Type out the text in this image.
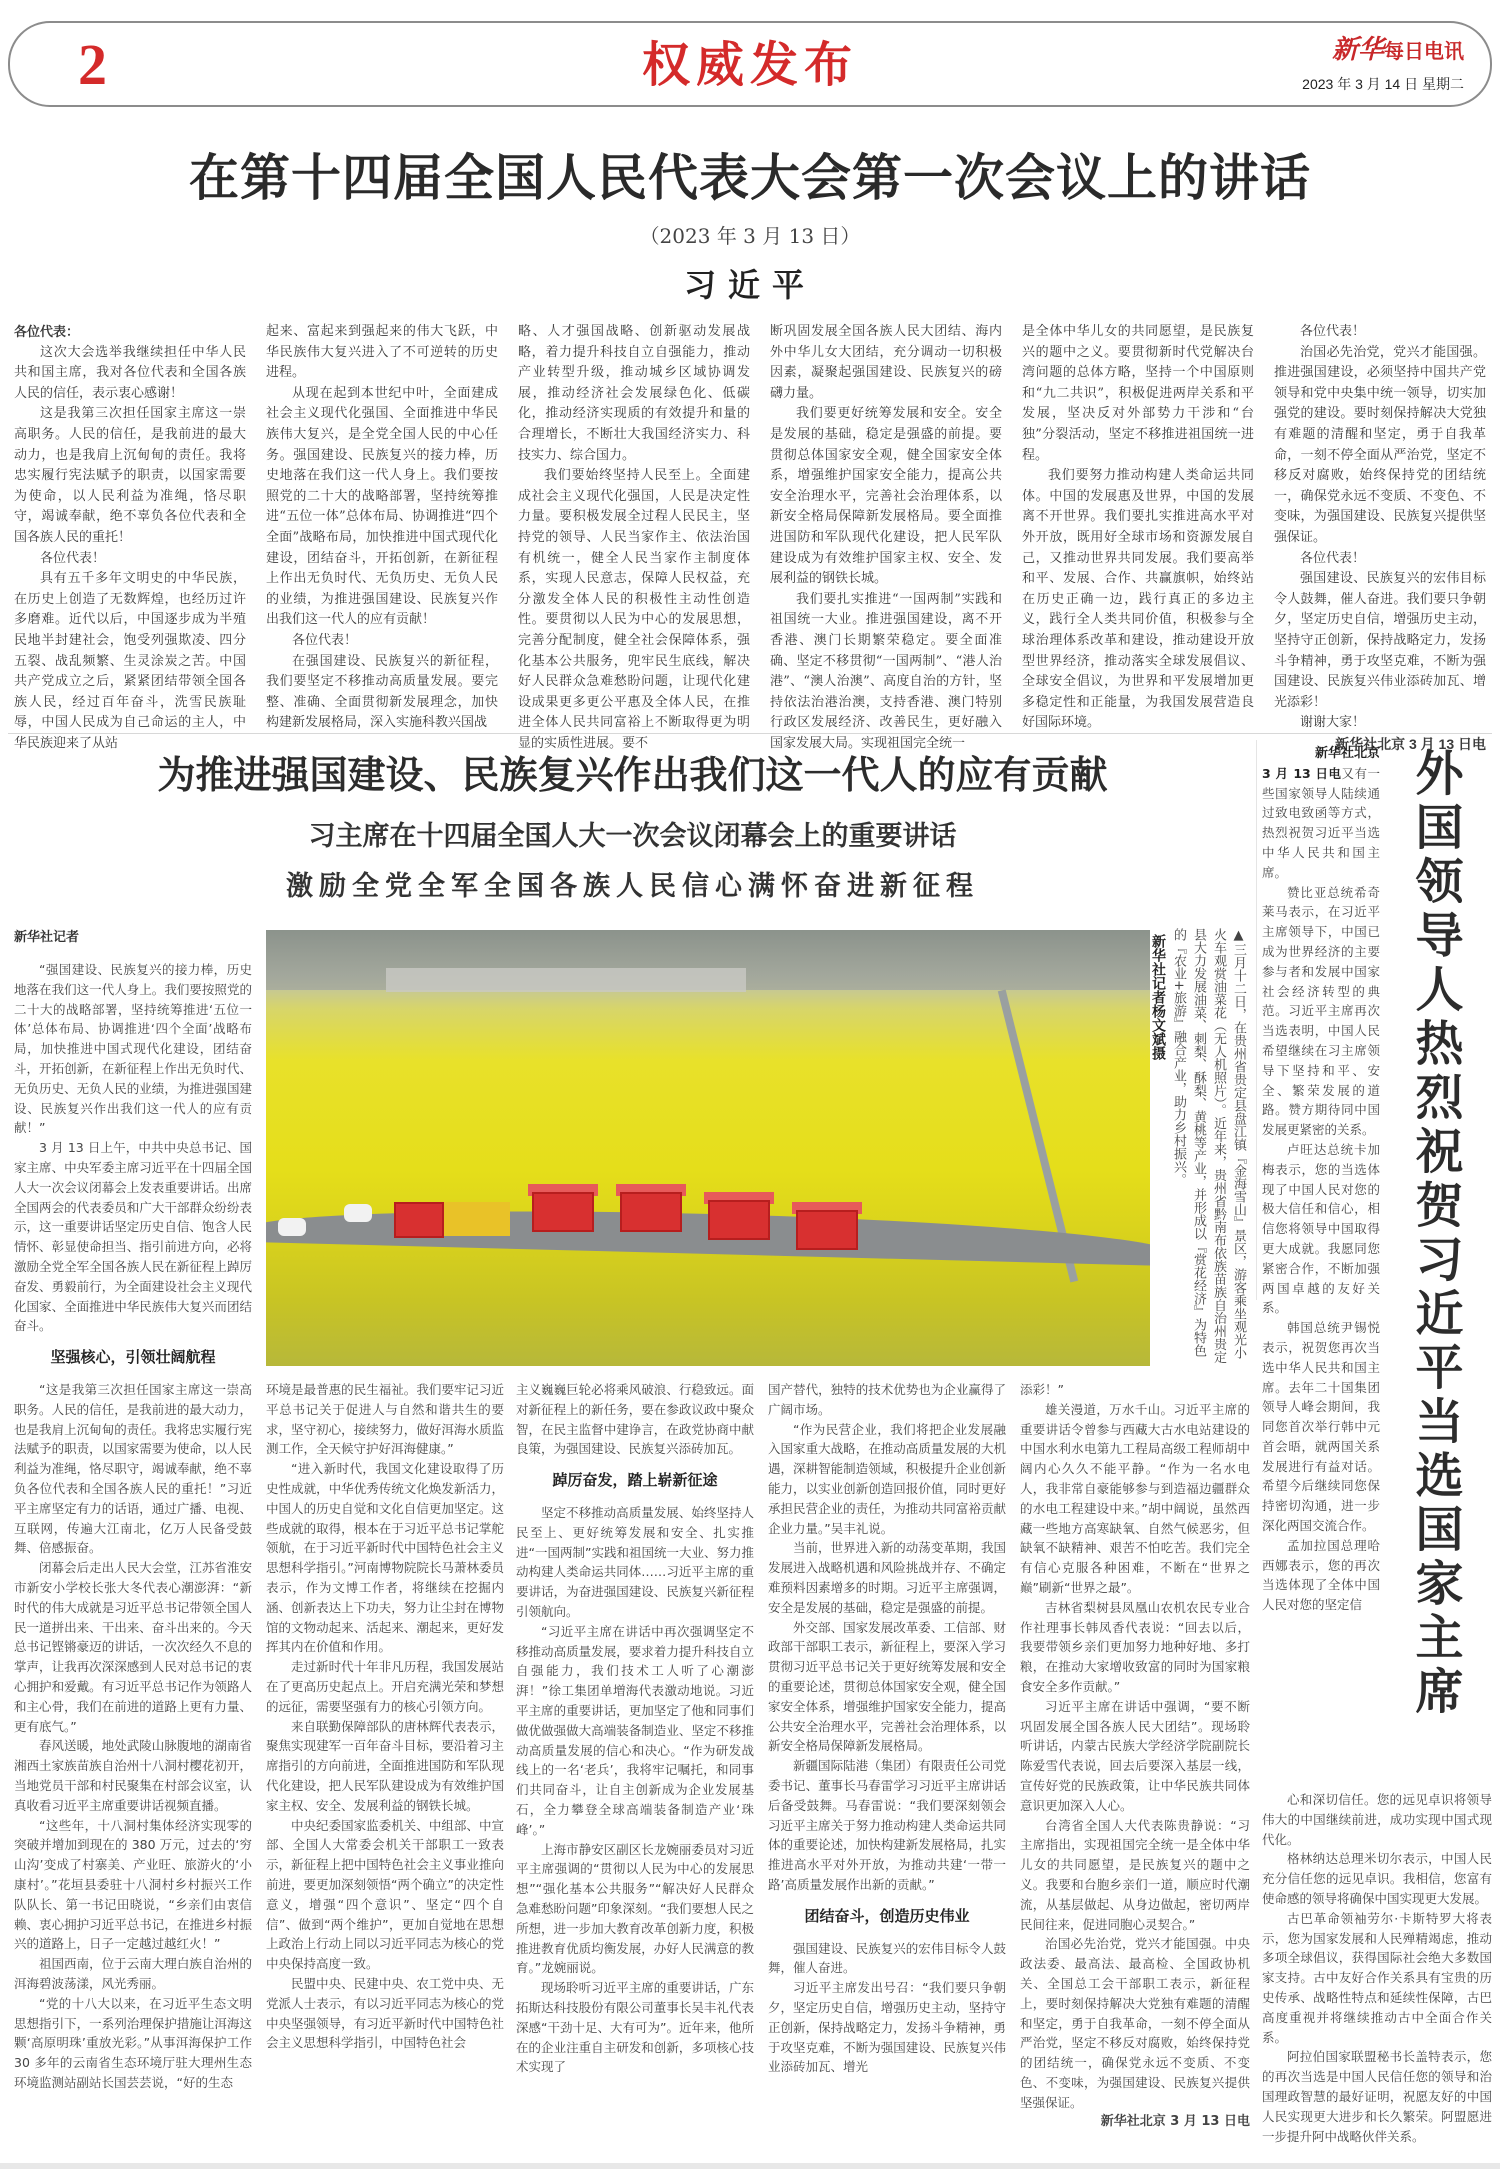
2	权威发布	新华每日电讯
2023 年 3 月 14 日 星期二
在第十四届全国人民代表大会第一次会议上的讲话
（2023 年 3 月 13 日）
习近平

各位代表：

这次大会选举我继续担任中华人民共和国主席，我对各位代表和全国各族人民的信任，表示衷心感谢！

这是我第三次担任国家主席这一崇高职务。人民的信任，是我前进的最大动力，也是我肩上沉甸甸的责任。我将忠实履行宪法赋予的职责，以国家需要为使命，以人民利益为准绳，恪尽职守，竭诚奉献，绝不辜负各位代表和全国各族人民的重托！

各位代表！

具有五千多年文明史的中华民族，在历史上创造了无数辉煌，也经历过许多磨难。近代以后，中国逐步成为半殖民地半封建社会，饱受列强欺凌、四分五裂、战乱频繁、生灵涂炭之苦。中国共产党成立之后，紧紧团结带领全国各族人民，经过百年奋斗，洗雪民族耻辱，中国人民成为自己命运的主人，中华民族迎来了从站

起来、富起来到强起来的伟大飞跃，中华民族伟大复兴进入了不可逆转的历史进程。

从现在起到本世纪中叶，全面建成社会主义现代化强国、全面推进中华民族伟大复兴，是全党全国人民的中心任务。强国建设、民族复兴的接力棒，历史地落在我们这一代人身上。我们要按照党的二十大的战略部署，坚持统筹推进“五位一体”总体布局、协调推进“四个全面”战略布局，加快推进中国式现代化建设，团结奋斗，开拓创新，在新征程上作出无负时代、无负历史、无负人民的业绩，为推进强国建设、民族复兴作出我们这一代人的应有贡献！

各位代表！

在强国建设、民族复兴的新征程，我们要坚定不移推动高质量发展。要完整、准确、全面贯彻新发展理念，加快构建新发展格局，深入实施科教兴国战

略、人才强国战略、创新驱动发展战略，着力提升科技自立自强能力，推动产业转型升级，推动城乡区域协调发展，推动经济社会发展绿色化、低碳化，推动经济实现质的有效提升和量的合理增长，不断壮大我国经济实力、科技实力、综合国力。

我们要始终坚持人民至上。全面建成社会主义现代化强国，人民是决定性力量。要积极发展全过程人民民主，坚持党的领导、人民当家作主、依法治国有机统一，健全人民当家作主制度体系，实现人民意志，保障人民权益，充分激发全体人民的积极性主动性创造性。要贯彻以人民为中心的发展思想，完善分配制度，健全社会保障体系，强化基本公共服务，兜牢民生底线，解决好人民群众急难愁盼问题，让现代化建设成果更多更公平惠及全体人民，在推进全体人民共同富裕上不断取得更为明显的实质性进展。要不

断巩固发展全国各族人民大团结、海内外中华儿女大团结，充分调动一切积极因素，凝聚起强国建设、民族复兴的磅礴力量。

我们要更好统筹发展和安全。安全是发展的基础，稳定是强盛的前提。要贯彻总体国家安全观，健全国家安全体系，增强维护国家安全能力，提高公共安全治理水平，完善社会治理体系，以新安全格局保障新发展格局。要全面推进国防和军队现代化建设，把人民军队建设成为有效维护国家主权、安全、发展利益的钢铁长城。

我们要扎实推进“一国两制”实践和祖国统一大业。推进强国建设，离不开香港、澳门长期繁荣稳定。要全面准确、坚定不移贯彻“一国两制”、“港人治港”、“澳人治澳”、高度自治的方针，坚持依法治港治澳，支持香港、澳门特别行政区发展经济、改善民生，更好融入国家发展大局。实现祖国完全统一

是全体中华儿女的共同愿望，是民族复兴的题中之义。要贯彻新时代党解决台湾问题的总体方略，坚持一个中国原则和“九二共识”，积极促进两岸关系和平发展，坚决反对外部势力干涉和“台独”分裂活动，坚定不移推进祖国统一进程。

我们要努力推动构建人类命运共同体。中国的发展惠及世界，中国的发展离不开世界。我们要扎实推进高水平对外开放，既用好全球市场和资源发展自己，又推动世界共同发展。我们要高举和平、发展、合作、共赢旗帜，始终站在历史正确一边，践行真正的多边主义，践行全人类共同价值，积极参与全球治理体系改革和建设，推动建设开放型世界经济，推动落实全球发展倡议、全球安全倡议，为世界和平发展增加更多稳定性和正能量，为我国发展营造良好国际环境。

各位代表！

治国必先治党，党兴才能国强。推进强国建设，必须坚持中国共产党领导和党中央集中统一领导，切实加强党的建设。要时刻保持解决大党独有难题的清醒和坚定，勇于自我革命，一刻不停全面从严治党，坚定不移反对腐败，始终保持党的团结统一，确保党永远不变质、不变色、不变味，为强国建设、民族复兴提供坚强保证。

各位代表！

强国建设、民族复兴的宏伟目标令人鼓舞，催人奋进。我们要只争朝夕，坚定历史自信，增强历史主动，坚持守正创新，保持战略定力，发扬斗争精神，勇于攻坚克难，不断为强国建设、民族复兴伟业添砖加瓦、增光添彩！

谢谢大家！

新华社北京 3 月 13 日电

为推进强国建设、民族复兴作出我们这一代人的应有贡献
习主席在十四届全国人大一次会议闭幕会上的重要讲话
激励全党全军全国各族人民信心满怀奋进新征程
新华社记者

“强国建设、民族复兴的接力棒，历史地落在我们这一代人身上。我们要按照党的二十大的战略部署，坚持统筹推进‘五位一体’总体布局、协调推进‘四个全面’战略布局，加快推进中国式现代化建设，团结奋斗，开拓创新，在新征程上作出无负时代、无负历史、无负人民的业绩，为推进强国建设、民族复兴作出我们这一代人的应有贡献！”

3 月 13 日上午，中共中央总书记、国家主席、中央军委主席习近平在十四届全国人大一次会议闭幕会上发表重要讲话。出席全国两会的代表委员和广大干部群众纷纷表示，这一重要讲话坚定历史自信、饱含人民情怀、彰显使命担当、指引前进方向，必将激励全党全军全国各族人民在新征程上踔厉奋发、勇毅前行，为全面建设社会主义现代化国家、全面推进中华民族伟大复兴而团结奋斗。

坚强核心，引领壮阔航程

“这是我第三次担任国家主席这一崇高职务。人民的信任，是我前进的最大动力，也是我肩上沉甸甸的责任。我将忠实履行宪法赋予的职责，以国家需要为使命，以人民利益为准绳，恪尽职守，竭诚奉献，绝不辜负各位代表和全国各族人民的重托！”习近平主席坚定有力的话语，通过广播、电视、互联网，传遍大江南北，亿万人民备受鼓舞、倍感振奋。

闭幕会后走出人民大会堂，江苏省淮安市新安小学校长张大冬代表心潮澎湃：“新时代的伟大成就是习近平总书记带领全国人民一道拼出来、干出来、奋斗出来的。今天总书记铿锵豪迈的讲话，一次次经久不息的掌声，让我再次深深感到人民对总书记的衷心拥护和爱戴。有习近平总书记作为领路人和主心骨，我们在前进的道路上更有力量、更有底气。”

春风送暖，地处武陵山脉腹地的湖南省湘西土家族苗族自治州十八洞村樱花初开，当地党员干部和村民聚集在村部会议室，认真收看习近平主席重要讲话视频直播。

“这些年，十八洞村集体经济实现零的突破并增加到现在的 380 万元，过去的‘穷山沟’变成了村寨美、产业旺、旅游火的‘小康村’。”花垣县委驻十八洞村乡村振兴工作队队长、第一书记田晓说，“乡亲们由衷信赖、衷心拥护习近平总书记，在推进乡村振兴的道路上，日子一定越过越红火！”

祖国西南，位于云南大理白族自治州的洱海碧波荡漾，风光秀丽。

“党的十八大以来，在习近平生态文明思想指引下，一系列治理保护措施让洱海这颗‘高原明珠’重放光彩。”从事洱海保护工作 30 多年的云南省生态环境厅驻大理州生态环境监测站副站长国芸芸说，“好的生态

环境是最普惠的民生福祉。我们要牢记习近平总书记关于促进人与自然和谐共生的要求，坚守初心，接续努力，做好洱海水质监测工作，全天候守护好洱海健康。”

“进入新时代，我国文化建设取得了历史性成就，中华优秀传统文化焕发新活力，中国人的历史自觉和文化自信更加坚定。这些成就的取得，根本在于习近平总书记掌舵领航，在于习近平新时代中国特色社会主义思想科学指引。”河南博物院院长马萧林委员表示，作为文博工作者，将继续在挖掘内涵、创新表达上下功夫，努力让尘封在博物馆的文物动起来、活起来、潮起来，更好发挥其内在价值和作用。

走过新时代十年非凡历程，我国发展站在了更高历史起点上。开启充满光荣和梦想的远征，需要坚强有力的核心引领方向。

来自联勤保障部队的唐林辉代表表示，聚焦实现建军一百年奋斗目标，要沿着习主席指引的方向前进，全面推进国防和军队现代化建设，把人民军队建设成为有效维护国家主权、安全、发展利益的钢铁长城。

中央纪委国家监委机关、中组部、中宣部、全国人大常委会机关干部职工一致表示，新征程上把中国特色社会主义事业推向前进，要更加深刻领悟“两个确立”的决定性意义，增强“四个意识”、坚定“四个自信”、做到“两个维护”，更加自觉地在思想上政治上行动上同以习近平同志为核心的党中央保持高度一致。

民盟中央、民建中央、农工党中央、无党派人士表示，有以习近平同志为核心的党中央坚强领导，有习近平新时代中国特色社会主义思想科学指引，中国特色社会

主义巍巍巨轮必将乘风破浪、行稳致远。面对新征程上的新任务，要在参政议政中聚众智，在民主监督中建诤言，在政党协商中献良策，为强国建设、民族复兴添砖加瓦。

踔厉奋发，踏上崭新征途

坚定不移推动高质量发展、始终坚持人民至上、更好统筹发展和安全、扎实推进“一国两制”实践和祖国统一大业、努力推动构建人类命运共同体……习近平主席的重要讲话，为奋进强国建设、民族复兴新征程引领航向。

“习近平主席在讲话中再次强调坚定不移推动高质量发展，要求着力提升科技自立自强能力，我们技术工人听了心潮澎湃！”徐工集团单増海代表激动地说。习近平主席的重要讲话，更加坚定了他和同事们做优做强做大高端装备制造业、坚定不移推动高质量发展的信心和决心。“作为研发战线上的一名‘老兵’，我将牢记嘱托，和同事们共同奋斗，让自主创新成为企业发展基石，全力攀登全球高端装备制造产业‘珠峰’。”

上海市静安区副区长龙婉丽委员对习近平主席强调的“贯彻以人民为中心的发展思想”“强化基本公共服务”“解决好人民群众急难愁盼问题”印象深刻。“我们要想人民之所想，进一步加大教育改革创新力度，积极推进教育优质均衡发展，办好人民满意的教育。”龙婉丽说。

现场聆听习近平主席的重要讲话，广东拓斯达科技股份有限公司董事长吴丰礼代表深感“干劲十足、大有可为”。近年来，他所在的企业注重自主研发和创新，多项核心技术实现了

国产替代，独特的技术优势也为企业赢得了广阔市场。

“作为民营企业，我们将把企业发展融入国家重大战略，在推动高质量发展的大机遇，深耕智能制造领域，积极提升企业创新能力，以实业创新创造回报价值，同时更好承担民营企业的责任，为推动共同富裕贡献企业力量。”吴丰礼说。

当前，世界进入新的动荡变革期，我国发展进入战略机遇和风险挑战并存、不确定难预料因素增多的时期。习近平主席强调，安全是发展的基础，稳定是强盛的前提。

外交部、国家发展改革委、工信部、财政部干部职工表示，新征程上，要深入学习贯彻习近平总书记关于更好统筹发展和安全的重要论述，贯彻总体国家安全观，健全国家安全体系，增强维护国家安全能力，提高公共安全治理水平，完善社会治理体系，以新安全格局保障新发展格局。

新疆国际陆港（集团）有限责任公司党委书记、董事长马春雷学习习近平主席讲话后备受鼓舞。马春雷说：“我们要深刻领会习近平主席关于努力推动构建人类命运共同体的重要论述，加快构建新发展格局，扎实推进高水平对外开放，为推动共建‘一带一路’高质量发展作出新的贡献。”

团结奋斗，创造历史伟业

强国建设、民族复兴的宏伟目标令人鼓舞，催人奋进。

习近平主席发出号召：“我们要只争朝夕，坚定历史自信，增强历史主动，坚持守正创新，保持战略定力，发扬斗争精神，勇于攻坚克难，不断为强国建设、民族复兴伟业添砖加瓦、增光

添彩！”

雄关漫道，万水千山。习近平主席的重要讲话令曾参与西藏大古水电站建设的中国水利水电第九工程局高级工程师胡中阔内心久久不能平静。“作为一名水电人，我非常自豪能够参与到造福边疆群众的水电工程建设中来。”胡中阔说，虽然西藏一些地方高寒缺氧、自然气候恶劣，但缺氧不缺精神、艰苦不怕吃苦。我们完全有信心克服各种困难，不断在“世界之巅”刷新“世界之最”。

吉林省梨树县凤凰山农机农民专业合作社理事长韩凤香代表说：“回去以后，我要带领乡亲们更加努力地种好地、多打粮，在推动大家增收致富的同时为国家粮食安全多作贡献。”

习近平主席在讲话中强调，“要不断巩固发展全国各族人民大团结”。现场聆听讲话，内蒙古民族大学经济学院副院长陈爱雪代表说，回去后要深入基层一线，宣传好党的民族政策，让中华民族共同体意识更加深入人心。

台湾省全国人大代表陈贵静说：“习主席指出，实现祖国完全统一是全体中华儿女的共同愿望，是民族复兴的题中之义。我要和台胞乡亲们一道，顺应时代潮流，从基层做起、从身边做起，密切两岸民间往来，促进同胞心灵契合。”

治国必先治党，党兴才能国强。中央政法委、最高法、最高检、全国政协机关、全国总工会干部职工表示，新征程上，要时刻保持解决大党独有难题的清醒和坚定，勇于自我革命，一刻不停全面从严治党，坚定不移反对腐败，始终保持党的团结统一，确保党永远不变质、不变色、不变味，为强国建设、民族复兴提供坚强保证。

新华社北京 3 月 13 日电

▲三月十二日，在贵州省贵定县盘江镇『金海雪山』景区，游客乘坐观光小火车观赏油菜花（无人机照片）。近年来，贵州省黔南布依族苗族自治州贵定县大力发展油菜、刺梨、酥梨、黄桃等产业，并形成以『赏花经济』为特色的『农业+旅游』融合产业，助力乡村振兴。
新华社记者杨文斌摄

新华社北京

3 月 13 日电又有一些国家领导人陆续通过致电致函等方式，热烈祝贺习近平当选中华人民共和国主席。

赞比亚总统希奇莱马表示，在习近平主席领导下，中国已成为世界经济的主要参与者和发展中国家社会经济转型的典范。习近平主席再次当选表明，中国人民希望继续在习主席领导下坚持和平、安全、繁荣发展的道路。赞方期待同中国发展更紧密的关系。

卢旺达总统卡加梅表示，您的当选体现了中国人民对您的极大信任和信心，相信您将领导中国取得更大成就。我愿同您紧密合作，不断加强两国卓越的友好关系。

韩国总统尹锡悦表示，祝贺您再次当选中华人民共和国主席。去年二十国集团领导人峰会期间，我同您首次举行韩中元首会晤，就两国关系发展进行有益对话。希望今后继续同您保持密切沟通，进一步深化两国交流合作。

孟加拉国总理哈西娜表示，您的再次当选体现了全体中国人民对您的坚定信 外国领导人热烈祝贺习近平当选国家主席

心和深切信任。您的远见卓识将领导伟大的中国继续前进，成功实现中国式现代化。

格林纳达总理米切尔表示，中国人民充分信任您的远见卓识。我相信，您富有使命感的领导将确保中国实现更大发展。

古巴革命领袖劳尔·卡斯特罗大将表示，您为国家发展和人民殚精竭虑，推动多项全球倡议，获得国际社会绝大多数国家支持。古中友好合作关系具有宝贵的历史传承、战略性特点和延续性保障，古巴高度重视并将继续推动古中全面合作关系。

阿拉伯国家联盟秘书长盖特表示，您的再次当选是中国人民信任您的领导和治国理政智慧的最好证明，祝愿友好的中国人民实现更大进步和长久繁荣。阿盟愿进一步提升阿中战略伙伴关系。
